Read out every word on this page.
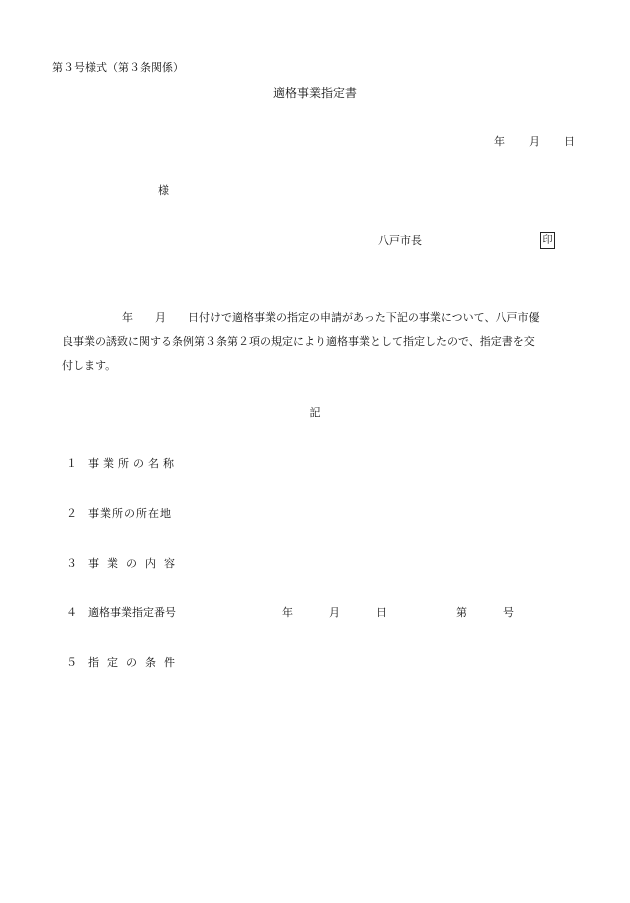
第３号様式（第３条関係）
適格事業指定書
年 月 日
様
八戸市長	印
年　　月　　日付けで適格事業の指定の申請があった下記の事業について、八戸市優
良事業の誘致に関する条例第３条第２項の規定により適格事業として指定したので、指定書を交
付します。
記
１ 事業所の名称
２ 事業所の所在地
３ 事業の内容
４ 適格事業指定番号	年	月	日	第	号
５ 指定の条件
